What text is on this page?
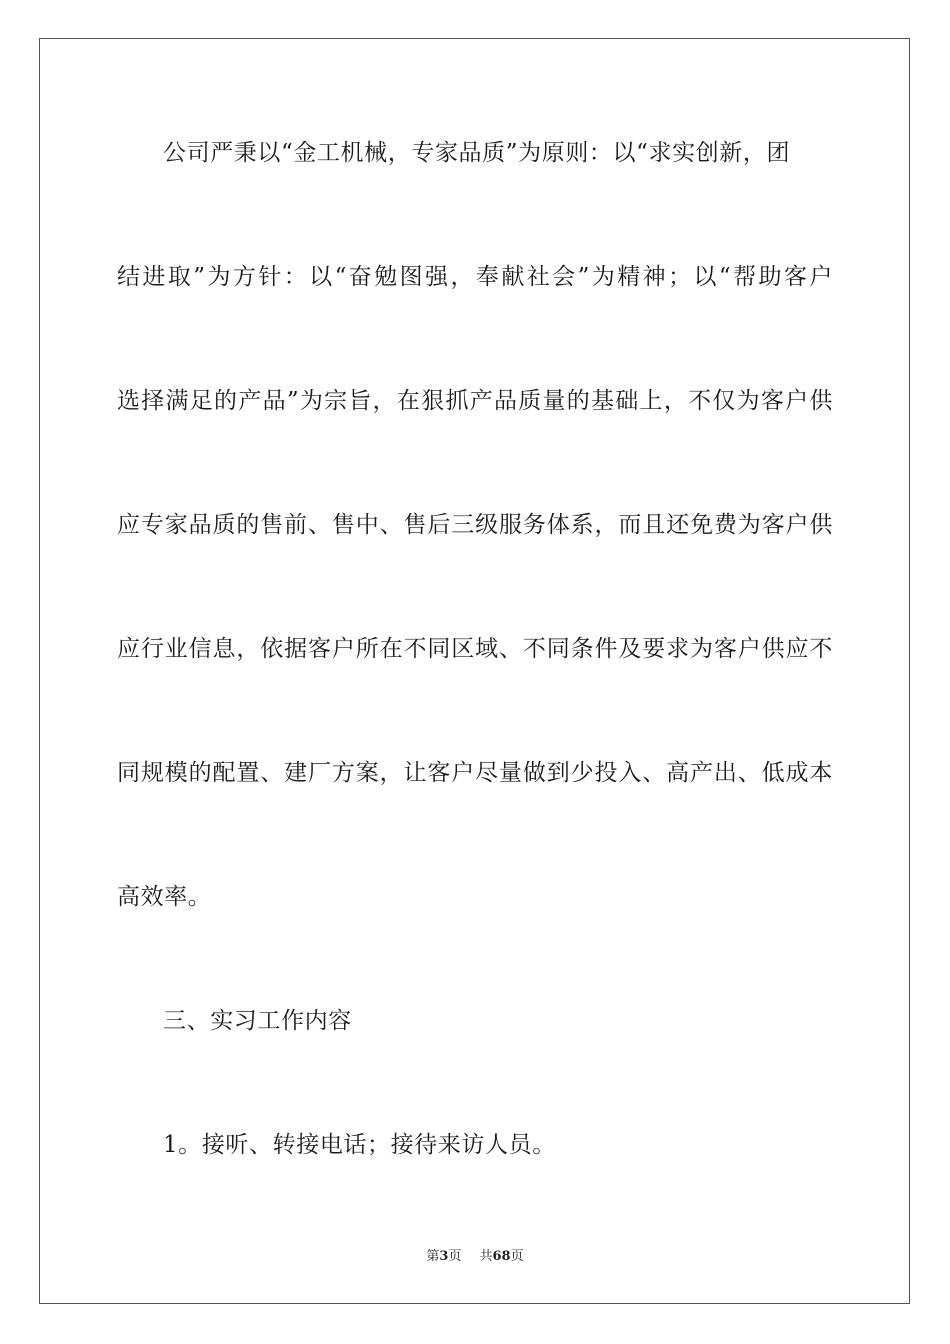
公司严秉以“金工机械，专家品质”为原则：以“求实创新，团
结进取”为方针：以“奋勉图强，奉献社会”为精神；以“帮助客户
选择满足的产品”为宗旨，在狠抓产品质量的基础上，不仅为客户供
应专家品质的售前、售中、售后三级服务体系，而且还免费为客户供
应行业信息，依据客户所在不同区域、不同条件及要求为客户供应不
同规模的配置、建厂方案，让客户尽量做到少投入、高产出、低成本
高效率。
三、实习工作内容
1。接听、转接电话；接待来访人员。
第3页 共68页
